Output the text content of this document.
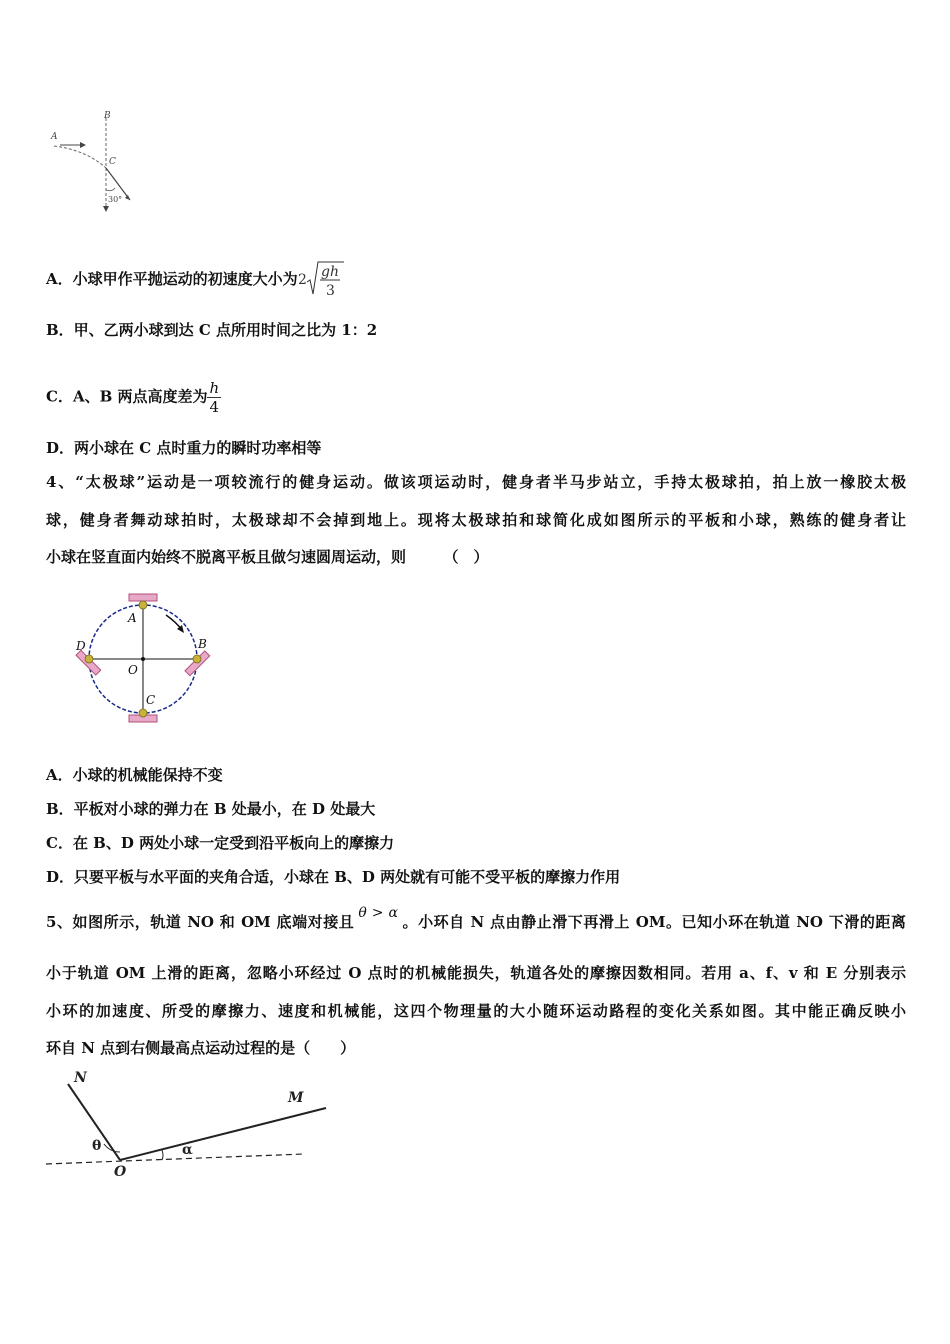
B
A
C
30°
A．小球甲作平抛运动的初速度大小为 2 gh
3
B．甲、乙两小球到达 C 点所用时间之比为 1：2
C．A、B 两点高度差为 $\frac{h}{4}$
D．两小球在 C 点时重力的瞬时功率相等
4、“太极球”运动是一项较流行的健身运动。做该项运动时，健身者半马步站立，手持太极球拍，拍上放一橡胶太极
球，健身者舞动球拍时，太极球却不会掉到地上。现将太极球拍和球简化成如图所示的平板和小球，熟练的健身者让
小球在竖直面内始终不脱离平板且做匀速圆周运动，则　　　（　）
A
B
C
D
O
A．小球的机械能保持不变
B．平板对小球的弹力在 B 处最小，在 D 处最大
C．在 B、D 两处小球一定受到沿平板向上的摩擦力
D．只要平板与水平面的夹角合适，小球在 B、D 两处就有可能不受平板的摩擦力作用
5、如图所示，轨道 NO 和 OM 底端对接且 θ > α 。小环自 N 点由静止滑下再滑上 OM。已知小环在轨道 NO 下滑的距离
小于轨道 OM 上滑的距离，忽略小环经过 O 点时的机械能损失，轨道各处的摩擦因数相同。若用 a、f、v 和 E 分别表示
小环的加速度、所受的摩擦力、速度和机械能，这四个物理量的大小随环运动路程的变化关系如图。其中能正确反映小
环自 N 点到右侧最高点运动过程的是（　　）
N
M
O
θ	α
